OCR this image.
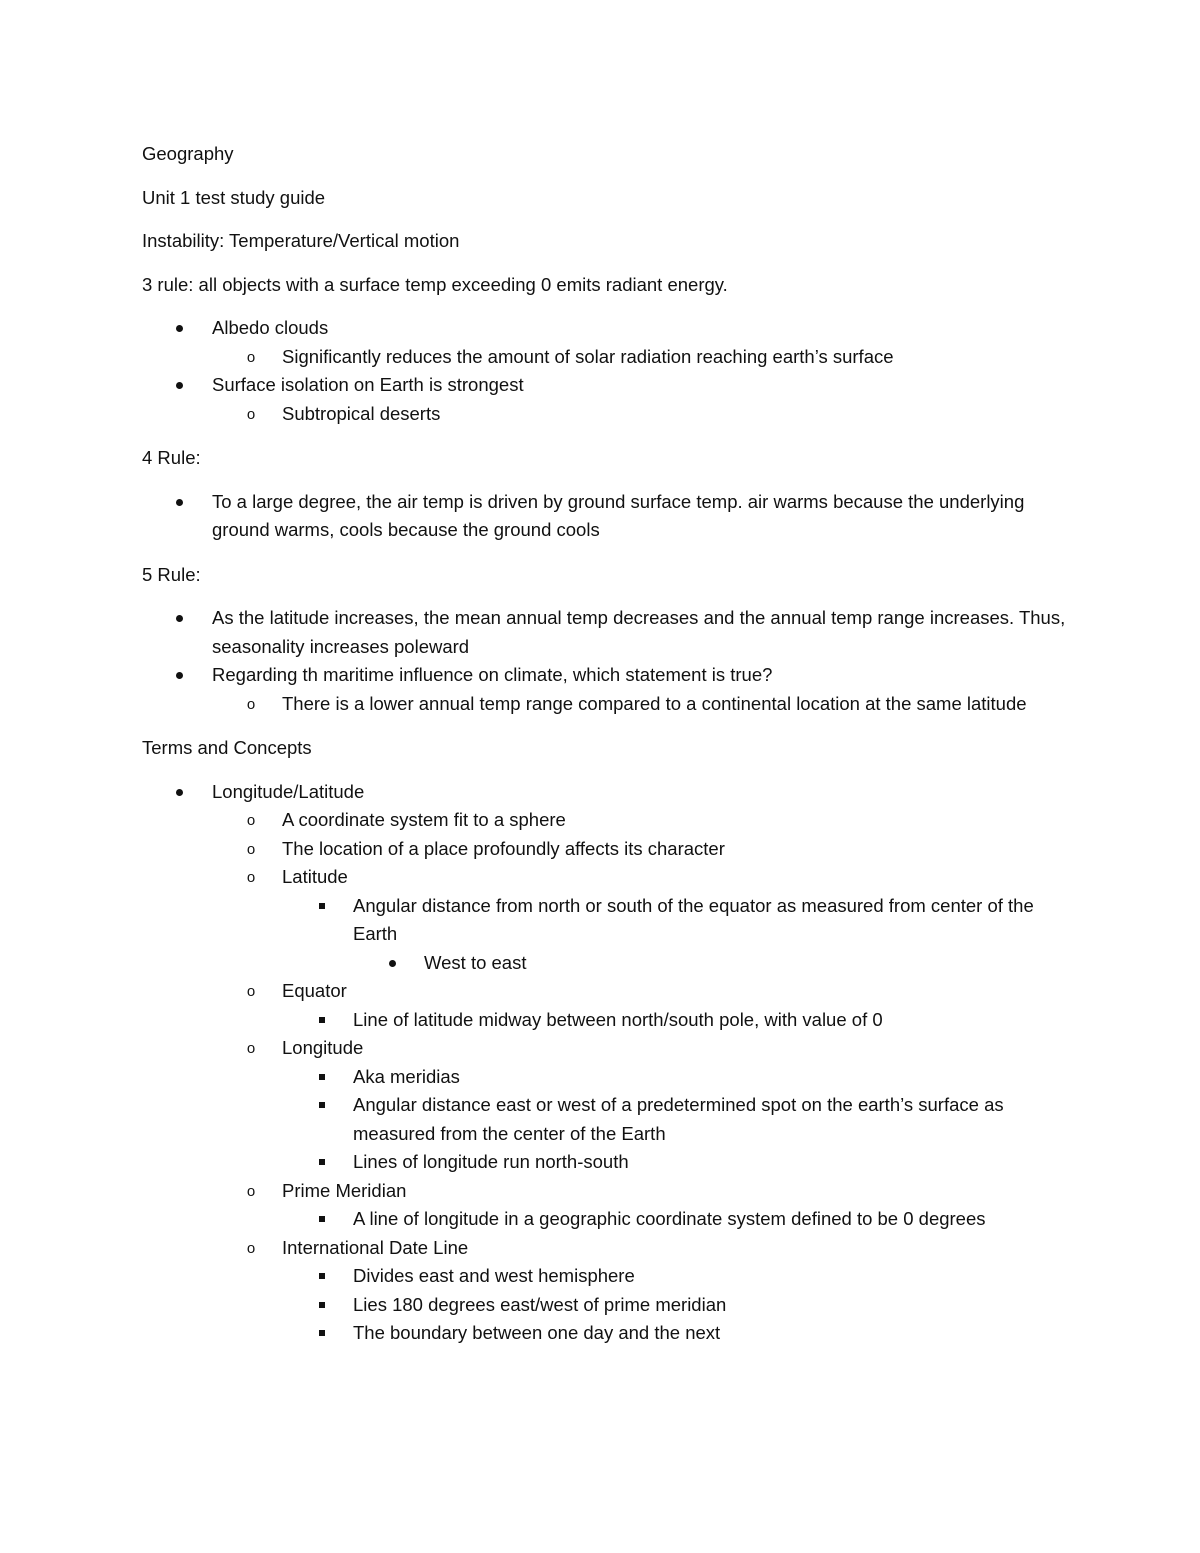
Geography

Unit 1 test study guide

Instability: Temperature/Vertical motion

3 rule: all objects with a surface temp exceeding 0 emits radiant energy.

Albedo clouds
o	Significantly reduces the amount of solar radiation reaching earth’s surface
Surface isolation on Earth is strongest
o	Subtropical deserts

4 Rule:

To a large degree, the air temp is driven by ground surface temp. air warms because the underlying ground warms, cools because the ground cools

5 Rule:

As the latitude increases, the mean annual temp decreases and the annual temp range increases. Thus, seasonality increases poleward
Regarding th maritime influence on climate, which statement is true?
o	There is a lower annual temp range compared to a continental location at the same latitude

Terms and Concepts

Longitude/Latitude
o	A coordinate system fit to a sphere
o	The location of a place profoundly affects its character
o	Latitude
Angular distance from north or south of the equator as measured from center of the Earth
West to east
o	Equator
Line of latitude midway between north/south pole, with value of 0
o	Longitude
Aka meridias
Angular distance east or west of a predetermined spot on the earth’s surface as measured from the center of the Earth
Lines of longitude run north-south
o	Prime Meridian
A line of longitude in a geographic coordinate system defined to be 0 degrees
o	International Date Line
Divides east and west hemisphere
Lies 180 degrees east/west of prime meridian
The boundary between one day and the next
